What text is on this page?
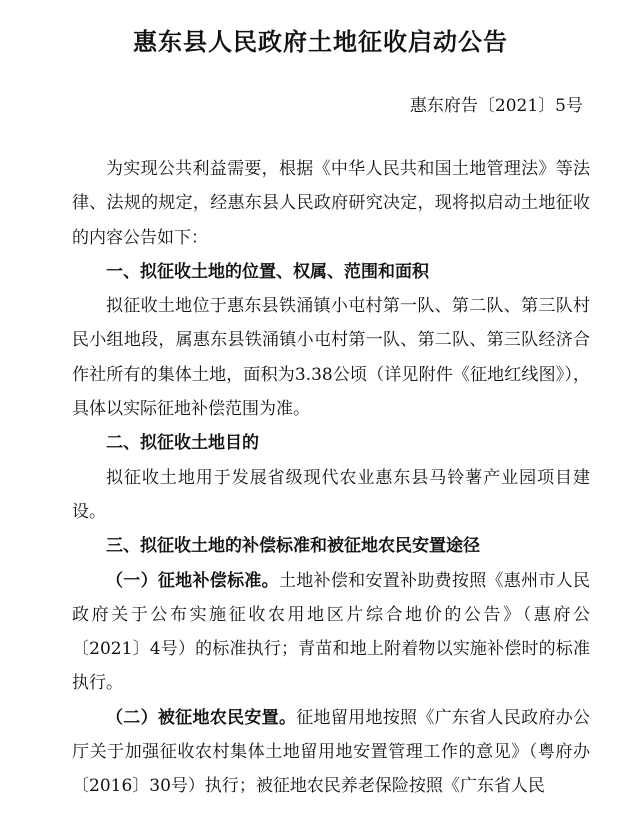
惠东县人民政府土地征收启动公告
惠东府告〔2021〕5号

为实现公共利益需要，根据《中华人民共和国土地管理法》等法律、法规的规定，经惠东县人民政府研究决定，现将拟启动土地征收的内容公告如下：

一、拟征收土地的位置、权属、范围和面积

拟征收土地位于惠东县铁涌镇小屯村第一队、第二队、第三队村民小组地段，属惠东县铁涌镇小屯村第一队、第二队、第三队经济合作社所有的集体土地，面积为3.38公顷（详见附件《征地红线图》），具体以实际征地补偿范围为准。

二、拟征收土地目的

拟征收土地用于发展省级现代农业惠东县马铃薯产业园项目建设。

三、拟征收土地的补偿标准和被征地农民安置途径

（一）征地补偿标准。土地补偿和安置补助费按照《惠州市人民政府关于公布实施征收农用地区片综合地价的公告》（惠府公〔2021〕4号）的标准执行；青苗和地上附着物以实施补偿时的标准执行。

（二）被征地农民安置。征地留用地按照《广东省人民政府办公厅关于加强征收农村集体土地留用地安置管理工作的意见》（粤府办〔2016〕30号）执行；被征地农民养老保险按照《广东省人民
